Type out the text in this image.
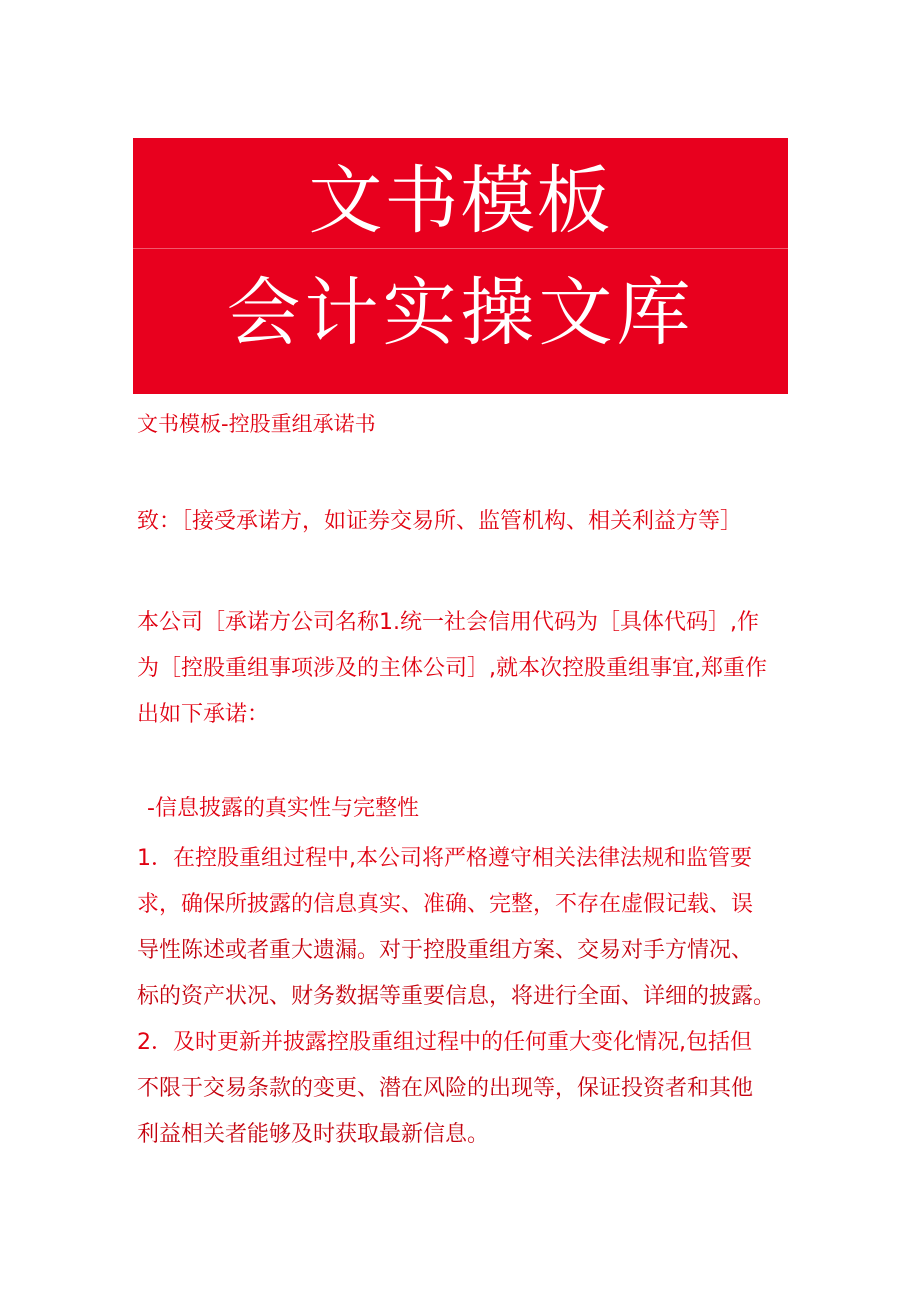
文书模板
会计实操文库
文书模板-控股重组承诺书
致：［接受承诺方，如证券交易所、监管机构、相关利益方等］
本公司［承诺方公司名称1.统一社会信用代码为［具体代码］,作
为［控股重组事项涉及的主体公司］,就本次控股重组事宜,郑重作
出如下承诺：
-信息披露的真实性与完整性
1．在控股重组过程中,本公司将严格遵守相关法律法规和监管要
求，确保所披露的信息真实、准确、完整，不存在虚假记载、误
导性陈述或者重大遗漏。对于控股重组方案、交易对手方情况、
标的资产状况、财务数据等重要信息，将进行全面、详细的披露。
2．及时更新并披露控股重组过程中的任何重大变化情况,包括但
不限于交易条款的变更、潜在风险的出现等，保证投资者和其他
利益相关者能够及时获取最新信息。
